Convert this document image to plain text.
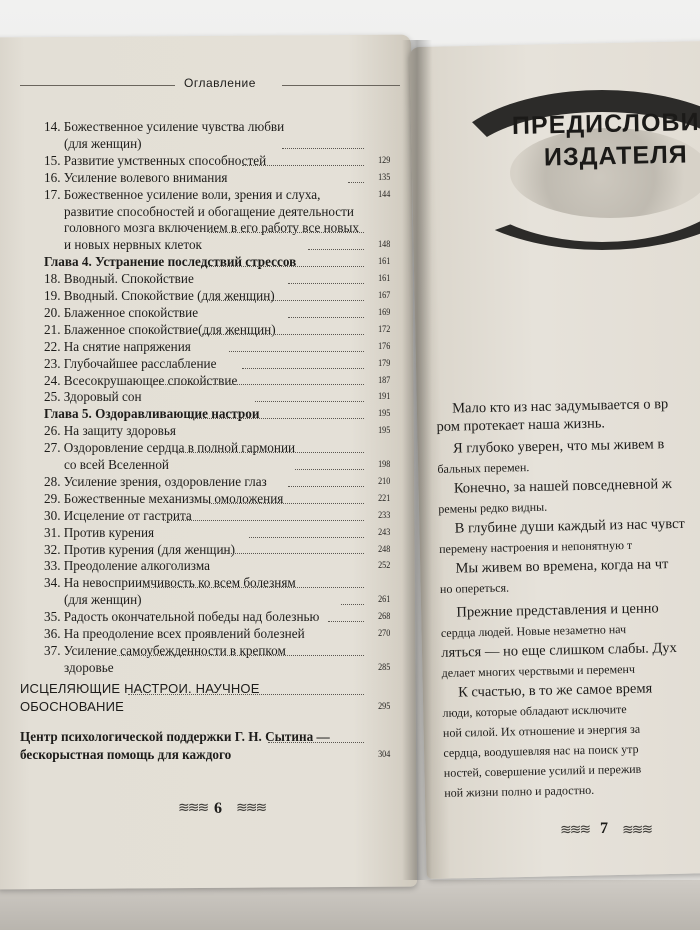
Оглавление
14. Божественное усиление чувства любви
(для женщин)
15. Развитие умственных способностей	129
16. Усиление волевого внимания	135
17. Божественное усиление воли, зрения и слуха,	144
развитие способностей и обогащение деятельности
головного мозга включением в его работу все новых
и новых нервных клеток	148
Глава 4. Устранение последствий стрессов	161
18. Вводный. Спокойствие	161
19. Вводный. Спокойствие (для женщин)	167
20. Блаженное спокойствие	169
21. Блаженное спокойствие(для женщин)	172
22. На снятие напряжения	176
23. Глубочайшее расслабление	179
24. Всесокрушающее спокойствие	187
25. Здоровый сон	191
Глава 5. Оздоравливающие настрои	195
26. На защиту здоровья	195
27. Оздоровление сердца в полной гармонии
со всей Вселенной	198
28. Усиление зрения, оздоровление глаз	210
29. Божественные механизмы омоложения	221
30. Исцеление от гастрита	233
31. Против курения	243
32. Против курения (для женщин)	248
33. Преодоление алкоголизма	252
34. На невосприимчивость ко всем болезням
(для женщин)	261
35. Радость окончательной победы над болезнью	268
36. На преодоление всех проявлений болезней	270
37. Усиление самоубежденности в крепком
здоровье	285
ИСЦЕЛЯЮЩИЕ НАСТРОИ. НАУЧНОЕ
ОБОСНОВАНИЕ	295
Центр психологической поддержки Г. Н. Сытина —
бескорыстная помощь для каждого	304
≋≋≋ 6 ≋≋≋
ПРЕДИСЛОВИ
ИЗДАТЕЛЯ
Мало кто из нас задумывается о вр
ром протекает наша жизнь.
Я глубоко уверен, что мы живем в
бальных перемен.
Конечно, за нашей повседневной ж
ремены редко видны.
В глубине души каждый из нас чувст
перемену настроения и непонятную т
Мы живем во времена, когда на чт
но опереться.
Прежние представления и ценно
сердца людей. Новые незаметно нач
ляться — но еще слишком слабы. Дух
делает многих черствыми и переменч
К счастью, в то же самое время
люди, которые обладают исключите
ной силой. Их отношение и энергия за
сердца, воодушевляя нас на поиск утр
ностей, совершение усилий и пережив
ной жизни полно и радостно.
≋≋≋ 7 ≋≋≋
